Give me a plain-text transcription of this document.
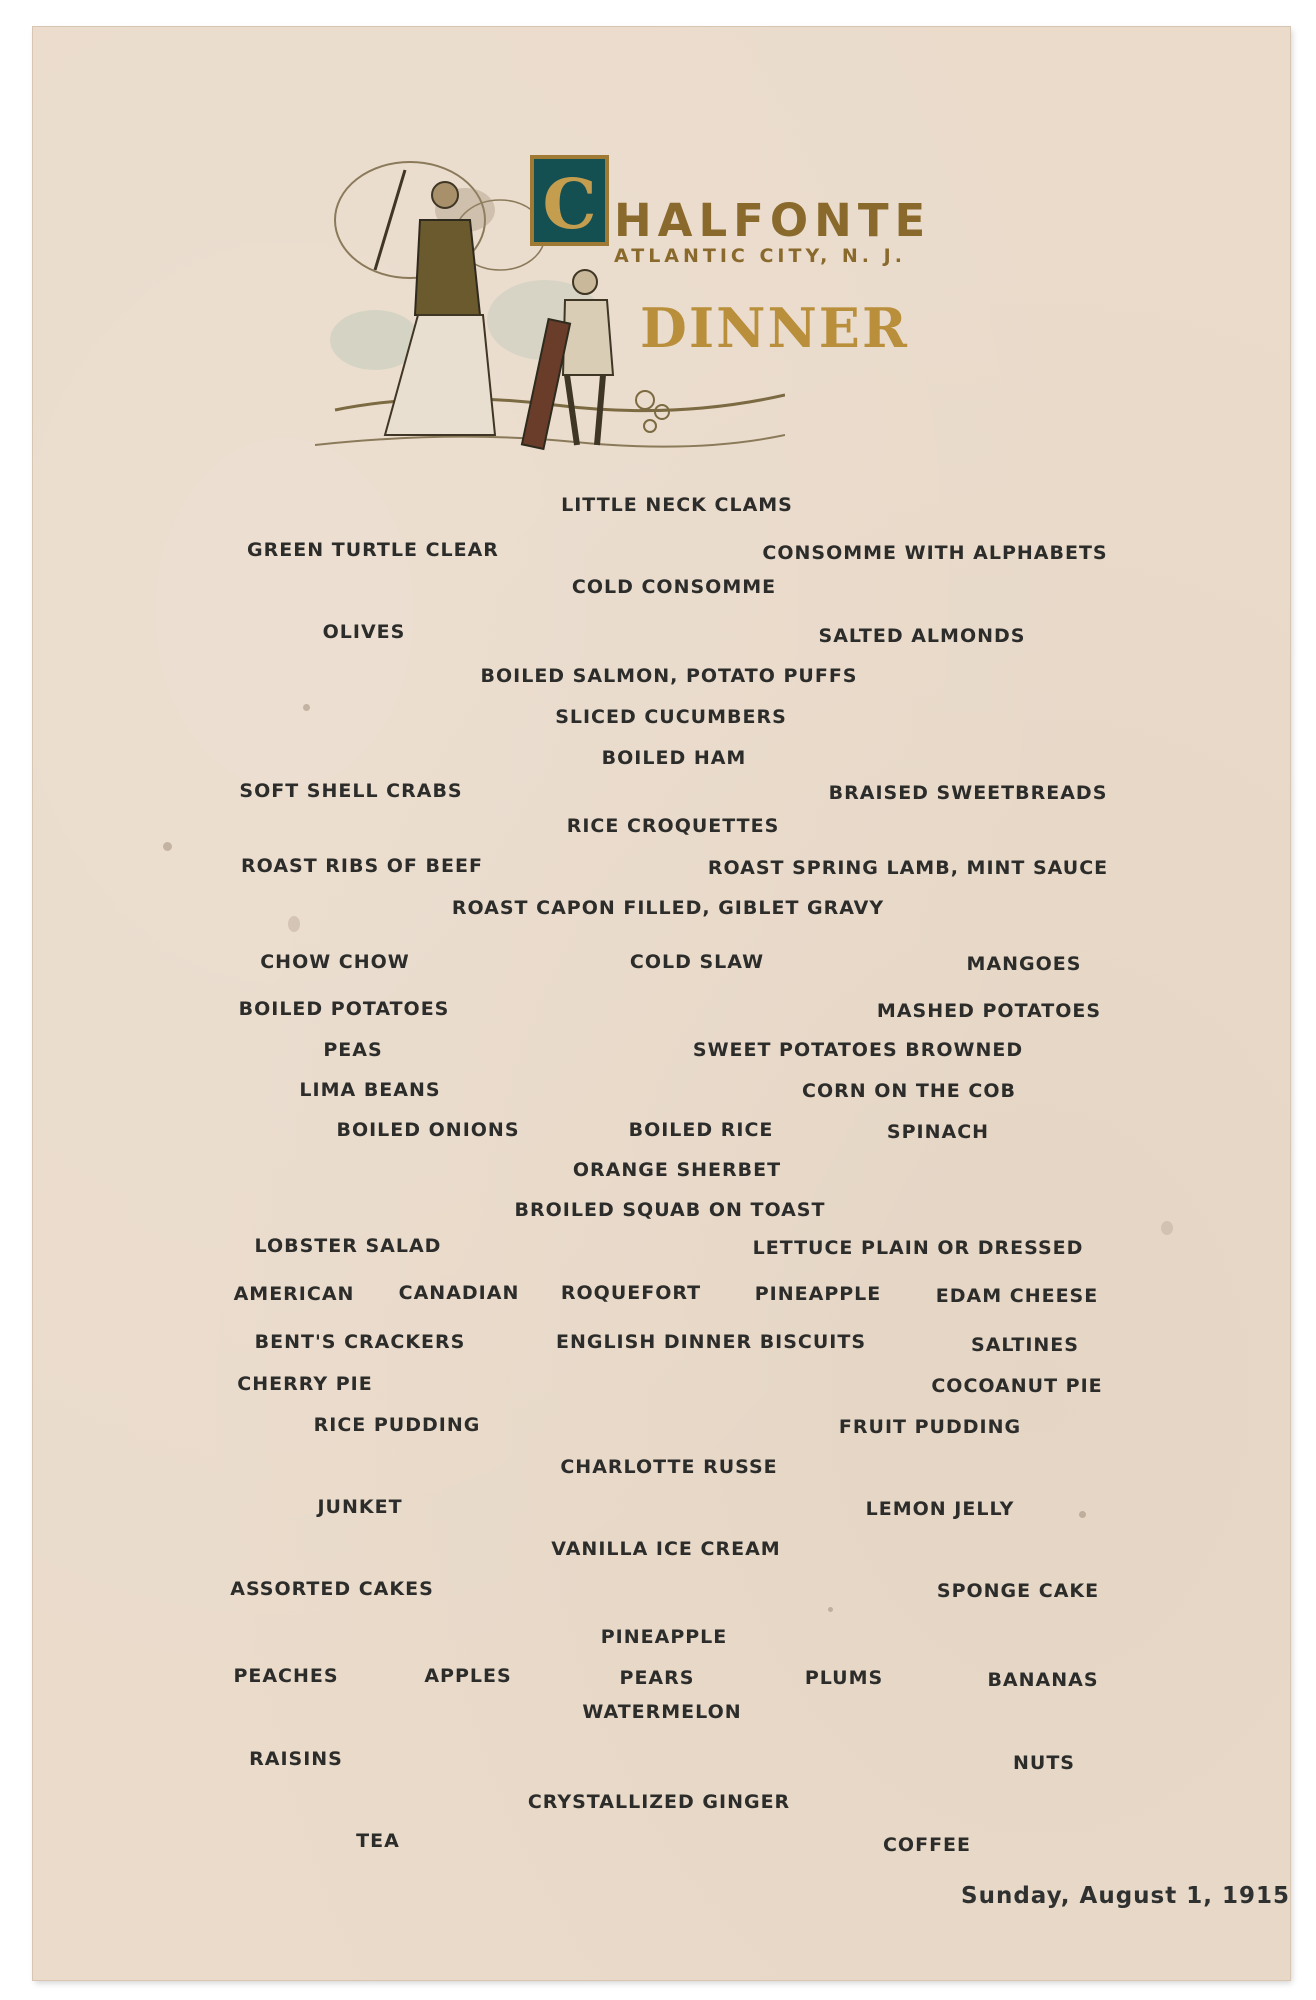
C HALFONTE
ATLANTIC CITY, N. J.
DINNER
LITTLE NECK CLAMS
GREEN TURTLE CLEAR	CONSOMME WITH ALPHABETS
COLD CONSOMME
OLIVES	SALTED ALMONDS
BOILED SALMON, POTATO PUFFS
SLICED CUCUMBERS
BOILED HAM
SOFT SHELL CRABS	BRAISED SWEETBREADS
RICE CROQUETTES
ROAST RIBS OF BEEF	ROAST SPRING LAMB, MINT SAUCE
ROAST CAPON FILLED, GIBLET GRAVY
CHOW CHOW	COLD SLAW	MANGOES
BOILED POTATOES	MASHED POTATOES
PEAS	SWEET POTATOES BROWNED
LIMA BEANS	CORN ON THE COB
BOILED ONIONS	BOILED RICE	SPINACH
ORANGE SHERBET
BROILED SQUAB ON TOAST
LOBSTER SALAD	LETTUCE PLAIN OR DRESSED
AMERICAN CANADIAN ROQUEFORT	PINEAPPLE	EDAM CHEESE
BENT'S CRACKERS	ENGLISH DINNER BISCUITS	SALTINES
CHERRY PIE	COCOANUT PIE
RICE PUDDING	FRUIT PUDDING
CHARLOTTE RUSSE
JUNKET	LEMON JELLY
VANILLA ICE CREAM
ASSORTED CAKES	SPONGE CAKE
PINEAPPLE
PEACHES	APPLES	PEARS	PLUMS	BANANAS
WATERMELON
RAISINS	NUTS
CRYSTALLIZED GINGER
TEA	COFFEE
Sunday, August 1, 1915
